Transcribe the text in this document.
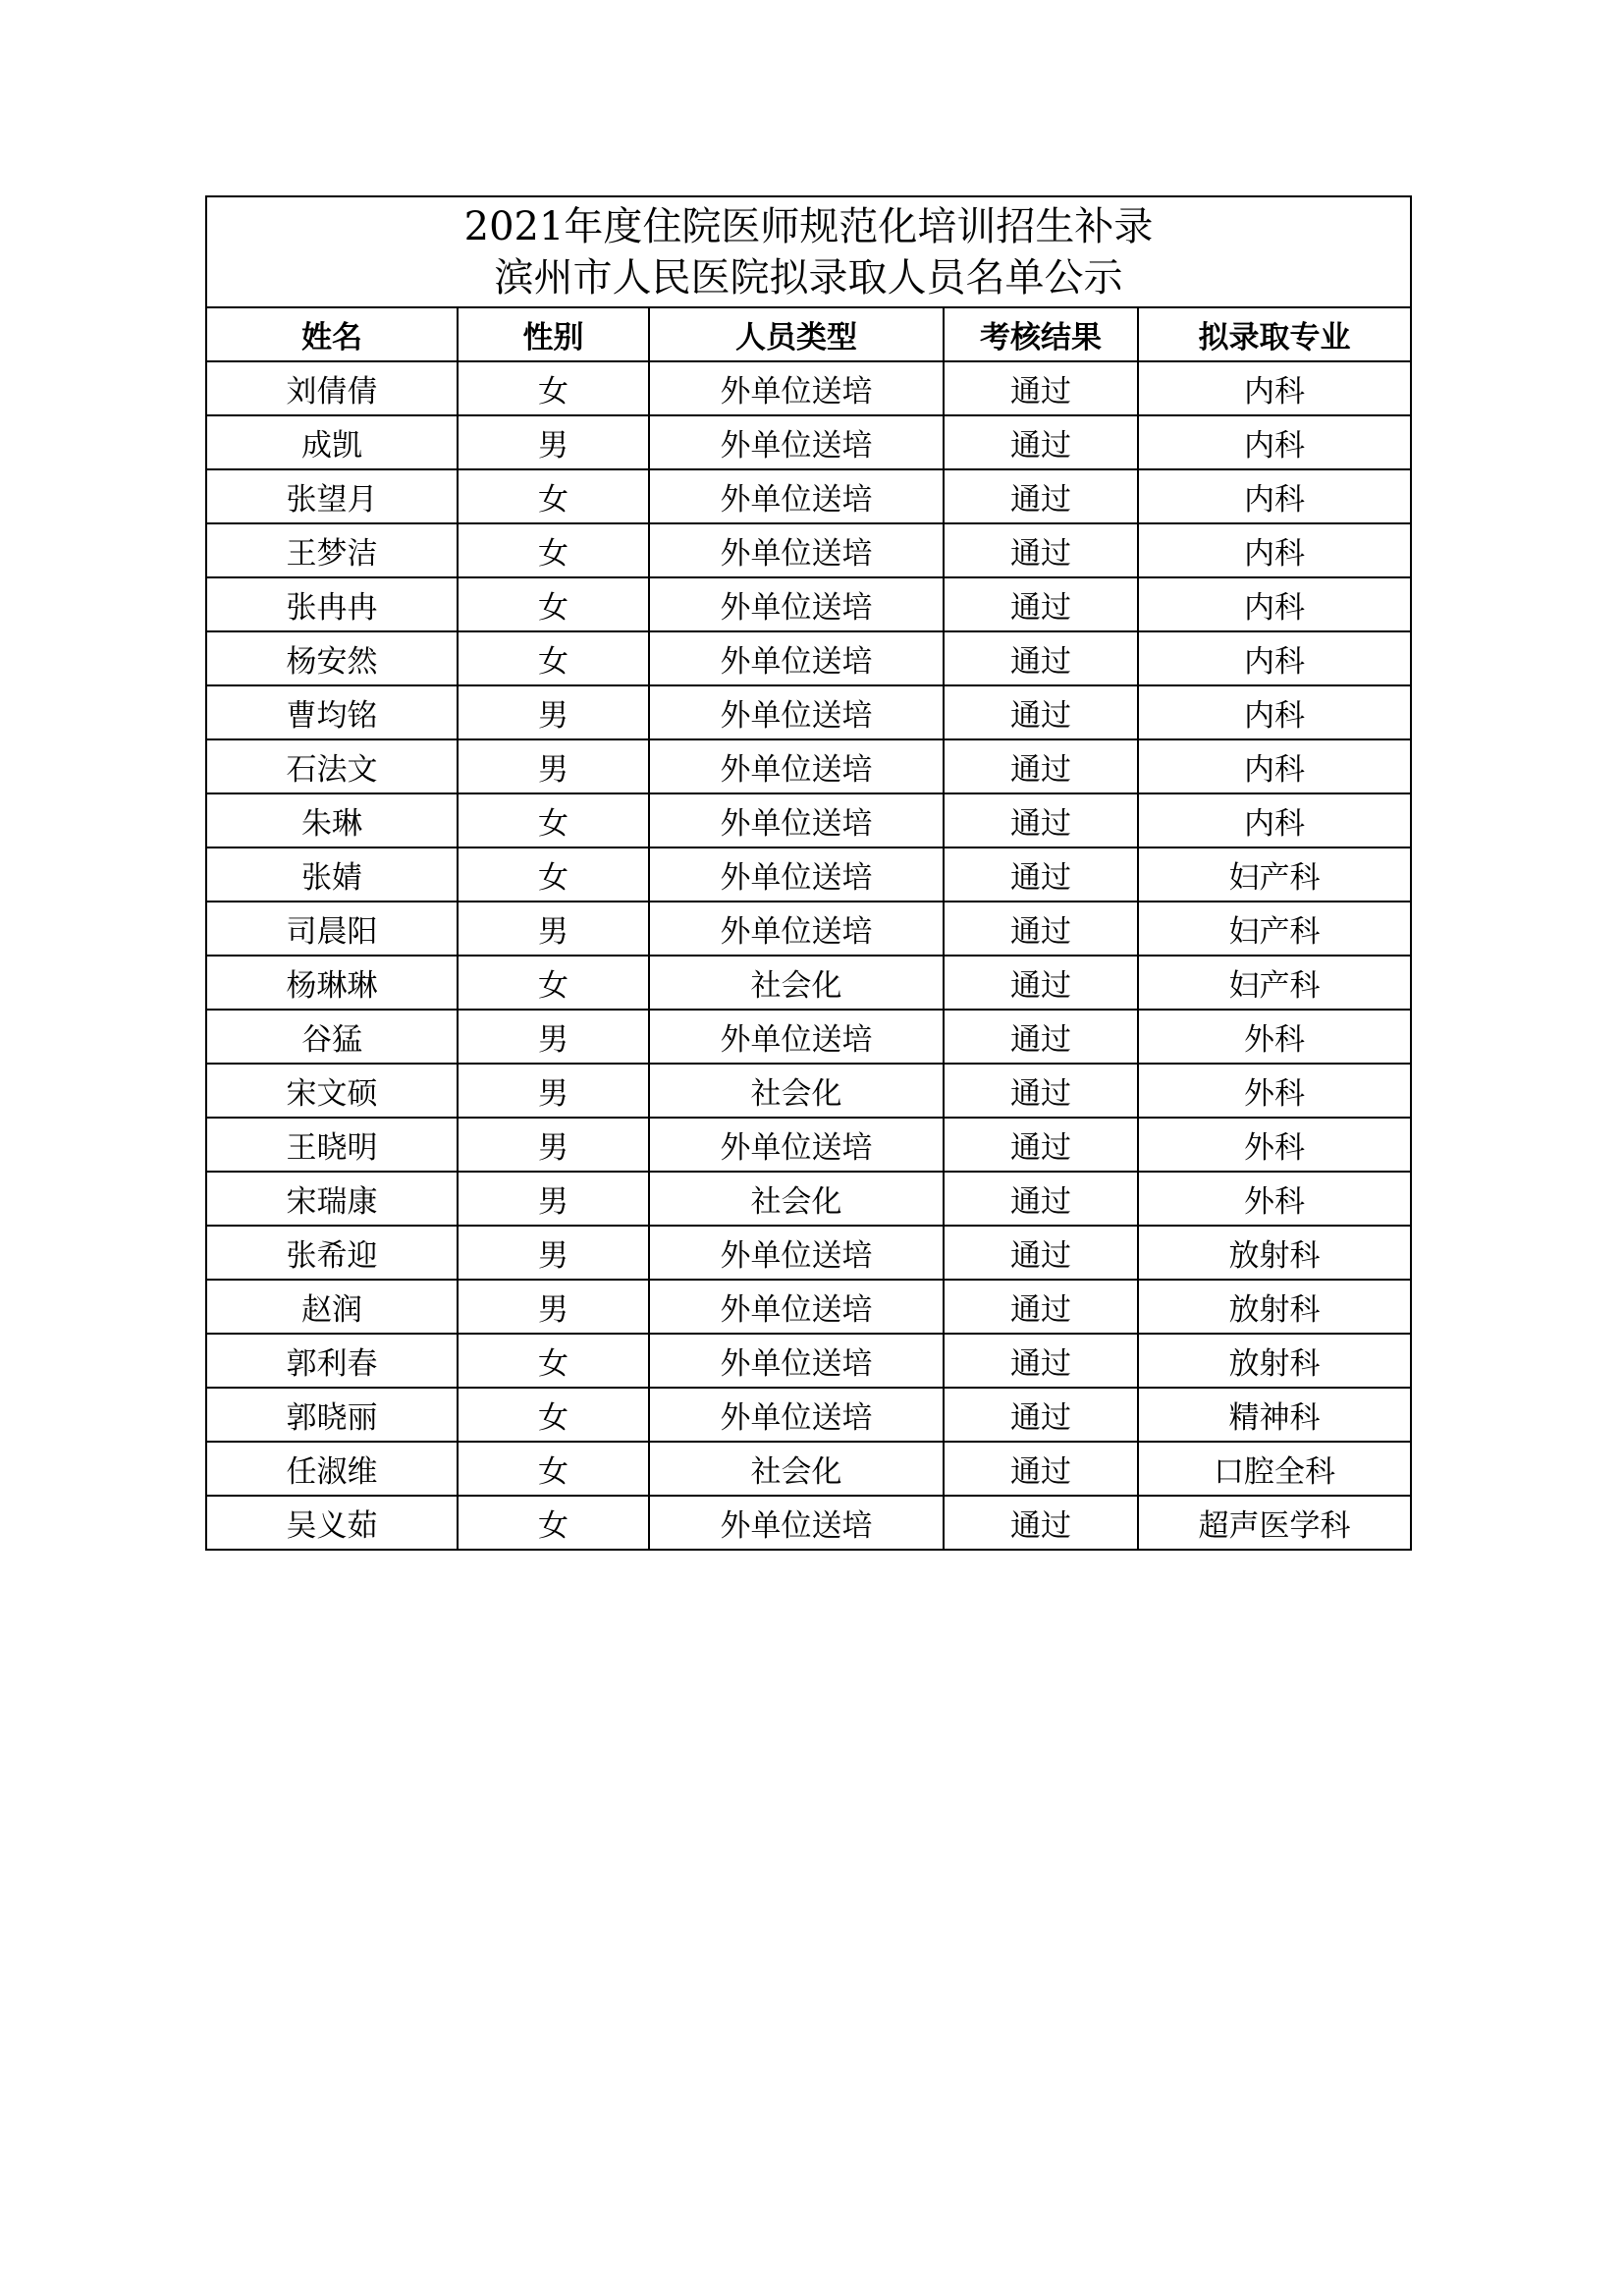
2021年度住院医师规范化培训招生补录
滨州市人民医院拟录取人员名单公示				

姓名	性别	人员类型	考核结果	拟录取专业
刘倩倩	女	外单位送培	通过	内科
成凯	男	外单位送培	通过	内科
张望月	女	外单位送培	通过	内科
王梦洁	女	外单位送培	通过	内科
张冉冉	女	外单位送培	通过	内科
杨安然	女	外单位送培	通过	内科
曹均铭	男	外单位送培	通过	内科
石法文	男	外单位送培	通过	内科
朱琳	女	外单位送培	通过	内科
张婧	女	外单位送培	通过	妇产科
司晨阳	男	外单位送培	通过	妇产科
杨琳琳	女	社会化	通过	妇产科
谷猛	男	外单位送培	通过	外科
宋文硕	男	社会化	通过	外科
王晓明	男	外单位送培	通过	外科
宋瑞康	男	社会化	通过	外科
张希迎	男	外单位送培	通过	放射科
赵润	男	外单位送培	通过	放射科
郭利春	女	外单位送培	通过	放射科
郭晓丽	女	外单位送培	通过	精神科
任淑维	女	社会化	通过	口腔全科
吴义茹	女	外单位送培	通过	超声医学科
